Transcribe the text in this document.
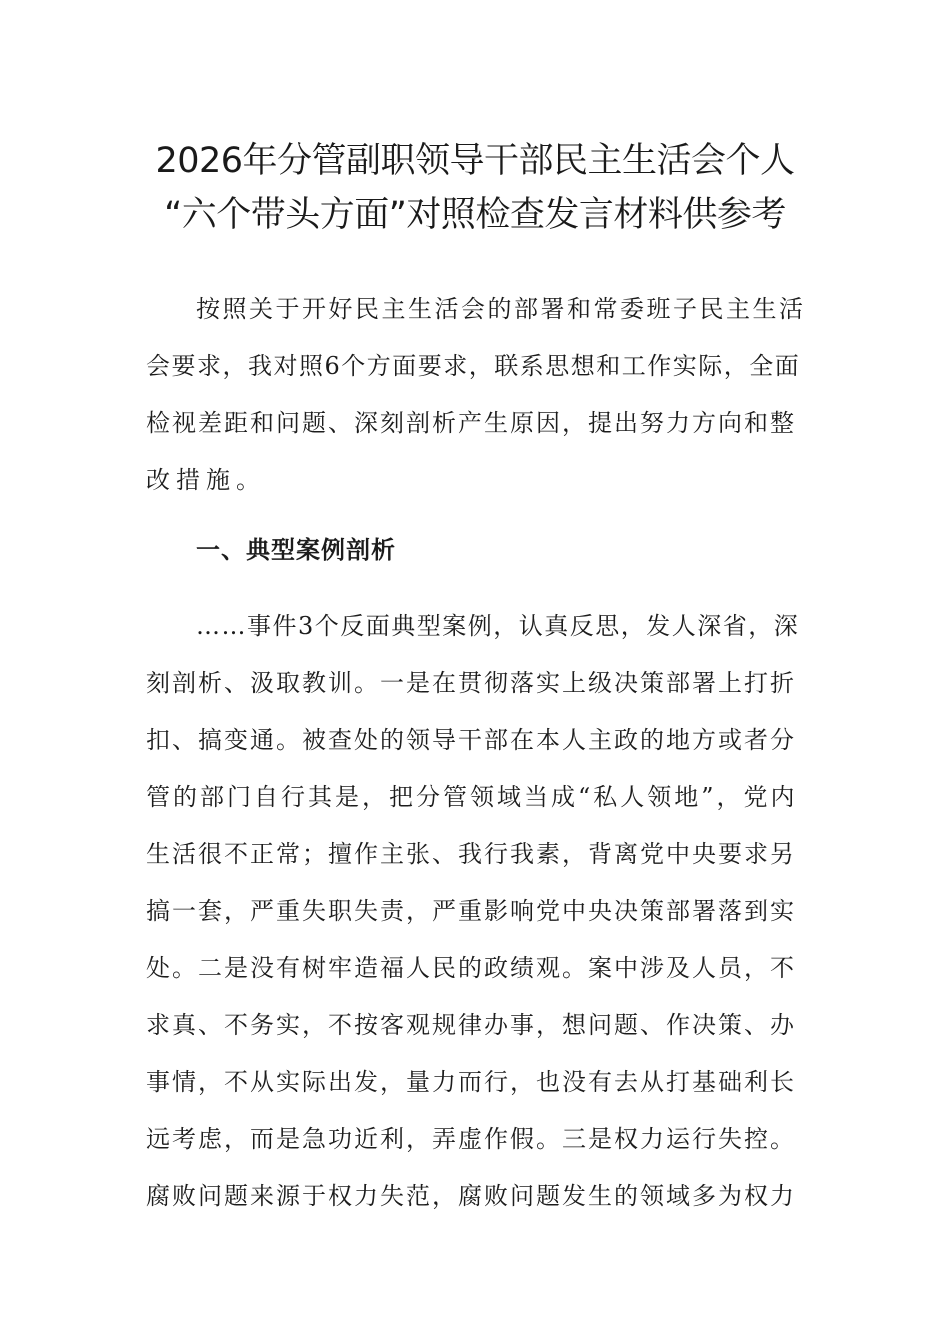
2026年分管副职领导干部民主生活会个人
“六个带头方面”对照检查发言材料供参考
按照关于开好民主生活会的部署和常委班子民主生活
会要求，我对照6个方面要求，联系思想和工作实际，全面
检视差距和问题、深刻剖析产生原因，提出努力方向和整
改措施。
一、典型案例剖析
……事件3个反面典型案例，认真反思，发人深省，深
刻剖析、汲取教训。一是在贯彻落实上级决策部署上打折
扣、搞变通。被查处的领导干部在本人主政的地方或者分
管的部门自行其是，把分管领域当成“私人领地”，党内
生活很不正常；擅作主张、我行我素，背离党中央要求另
搞一套，严重失职失责，严重影响党中央决策部署落到实
处。二是没有树牢造福人民的政绩观。案中涉及人员，不
求真、不务实，不按客观规律办事，想问题、作决策、办
事情，不从实际出发，量力而行，也没有去从打基础利长
远考虑，而是急功近利，弄虚作假。三是权力运行失控。
腐败问题来源于权力失范，腐败问题发生的领域多为权力
